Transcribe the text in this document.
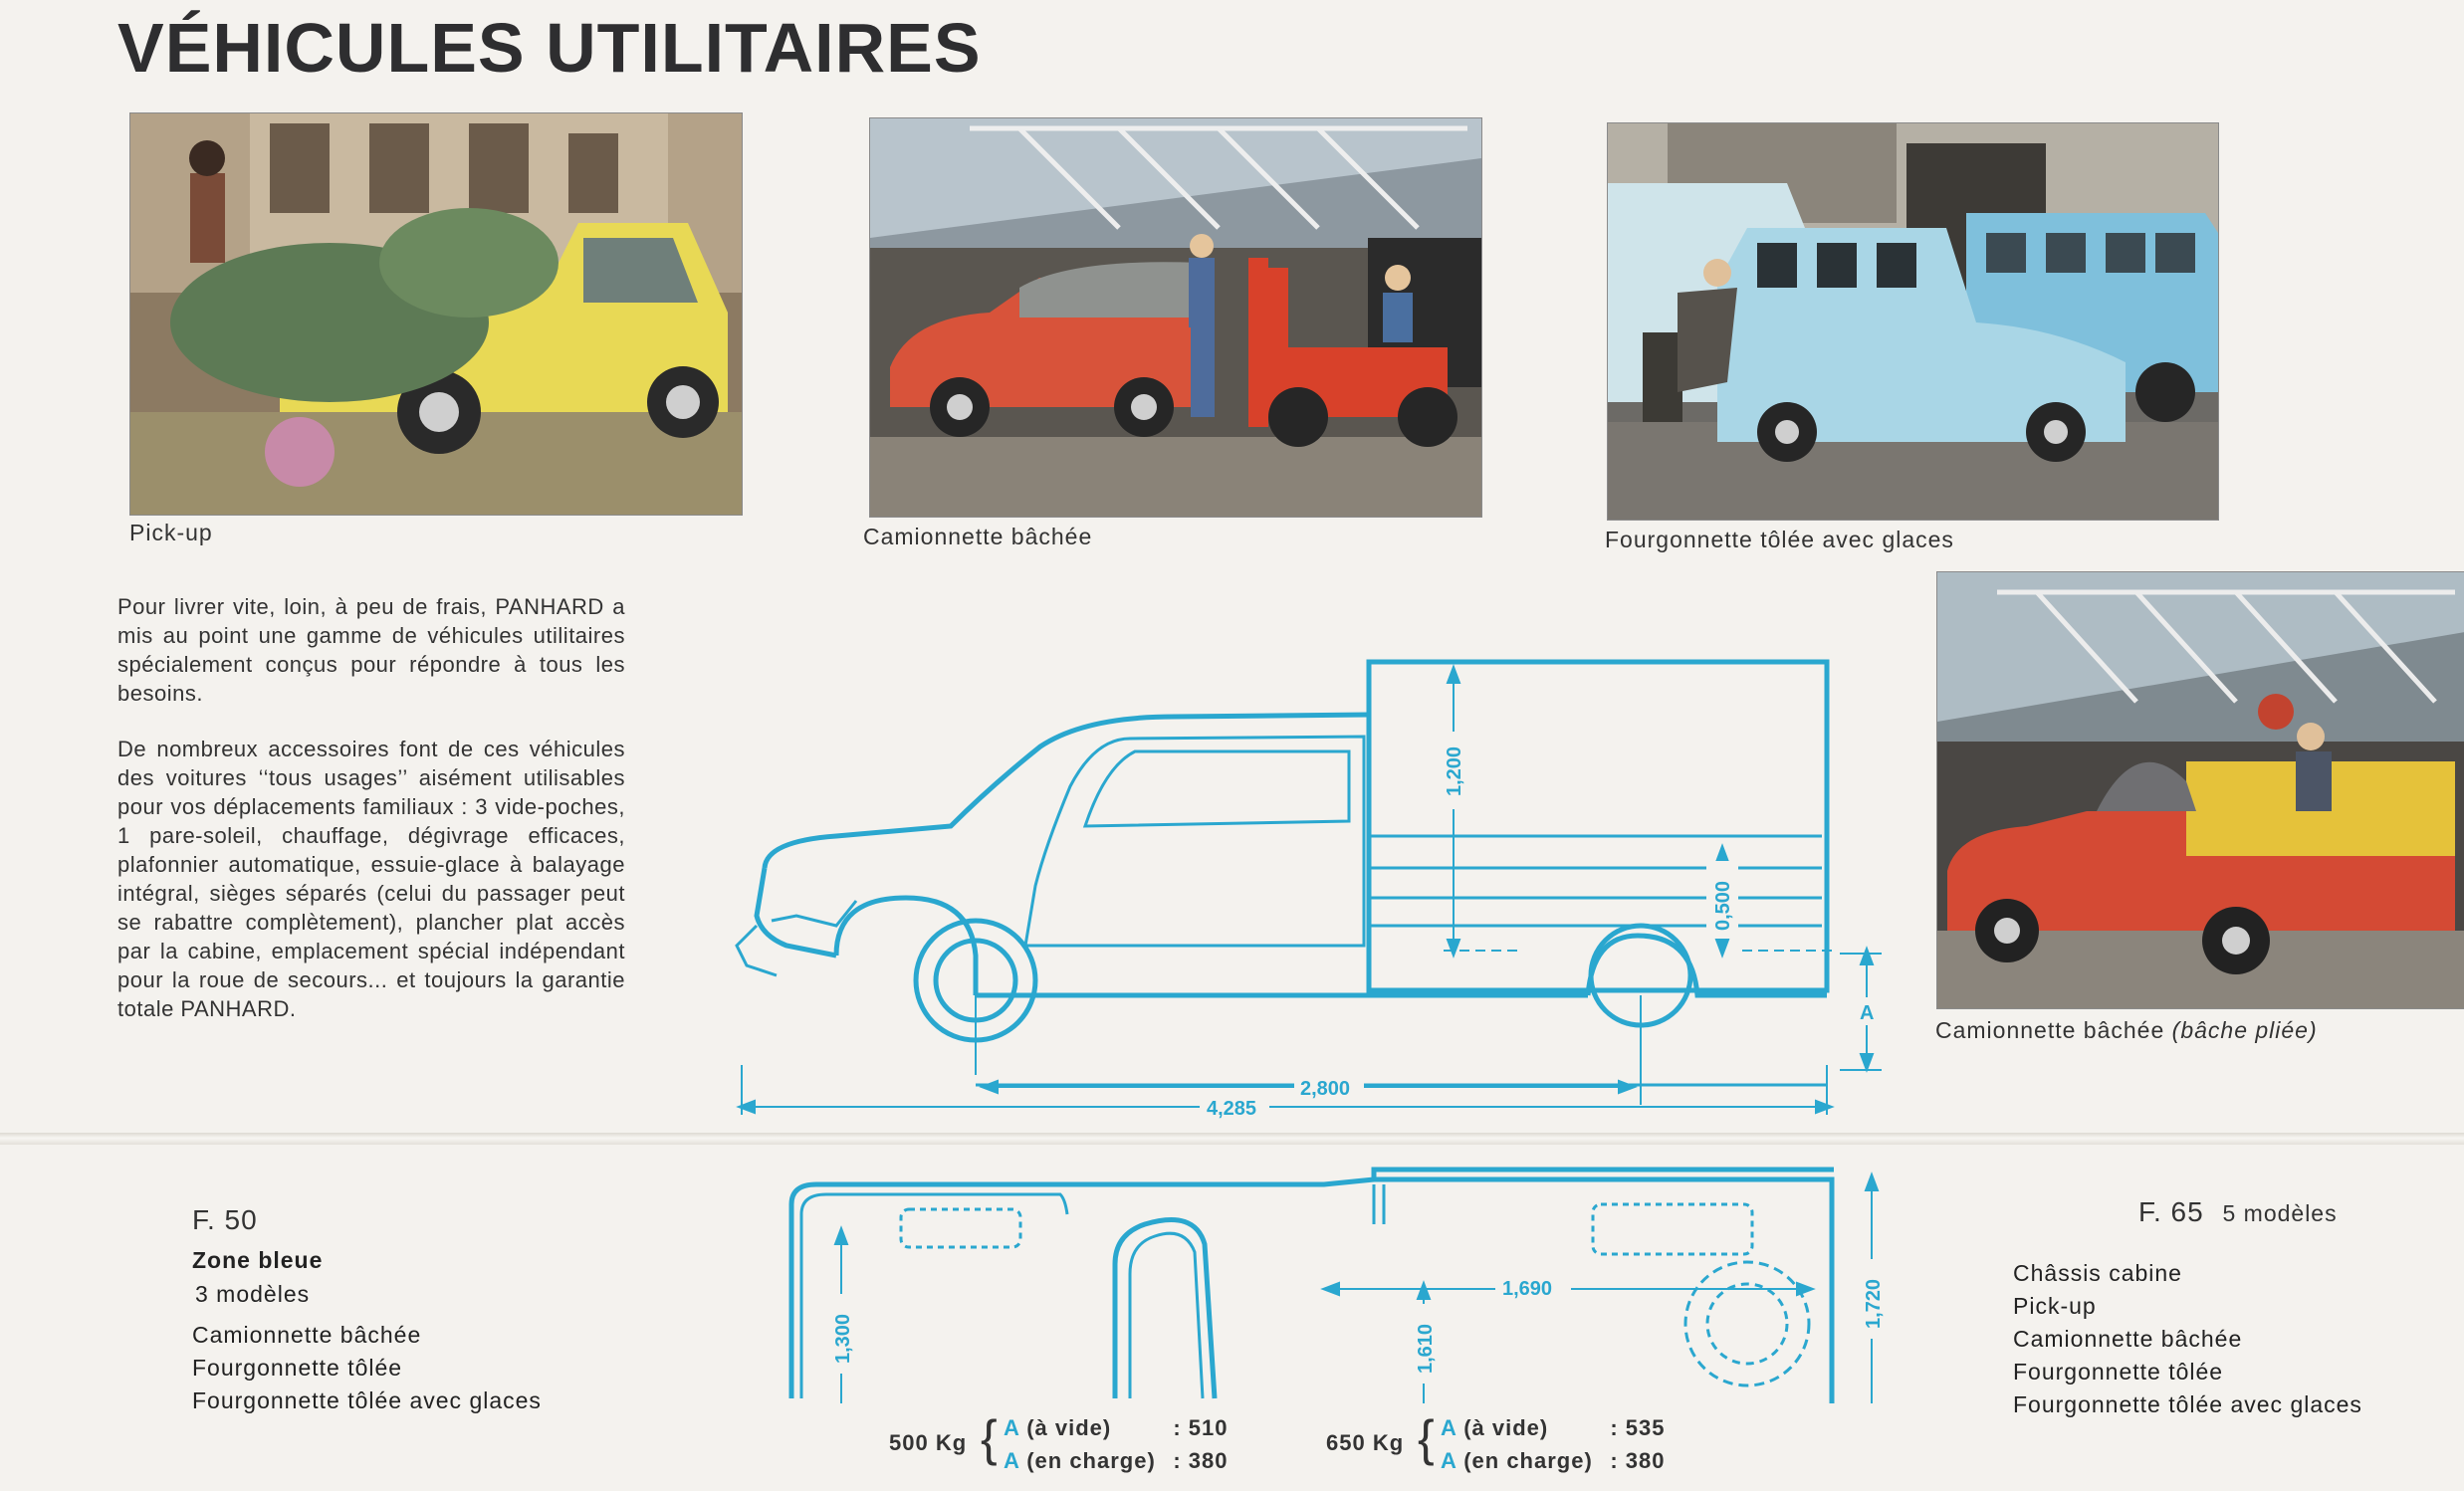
VÉHICULES UTILITAIRES
Pick-up	Camionnette bâchée	Fourgonnette tôlée avec glaces
Camionnette bâchée (bâche pliée)
Pour livrer vite, loin, à peu de frais, PANHARD a mis au point une gamme de véhicules utilitaires spécialement conçus pour répondre à tous les besoins.
De nombreux accessoires font de ces véhicules des voitures ‘‘tous usages’’ aisément utilisables pour vos déplacements familiaux : 3 vide-poches, 1 pare-soleil, chauffage, dégivrage efficaces, plafonnier automatique, essuie-glace à balayage intégral, sièges séparés (celui du passager peut se rabattre complètement), plancher plat accès par la cabine, emplacement spécial indépendant pour la roue de secours... et toujours la garantie totale PANHARD.
1,200
0,500
A
2,800
4,285
1,300
1,690
1,610
1,720
F. 50
Zone bleue
3 modèles
Camionnette bâchée
Fourgonnette tôlée
Fourgonnette tôlée avec glaces
F. 65 5 modèles
Châssis cabine
Pick-up
Camionnette bâchée
Fourgonnette tôlée
Fourgonnette tôlée avec glaces
500 Kg { A (à vide)	: 510
A (en charge) : 380
650 Kg { A (à vide)	: 535
A (en charge) : 380
